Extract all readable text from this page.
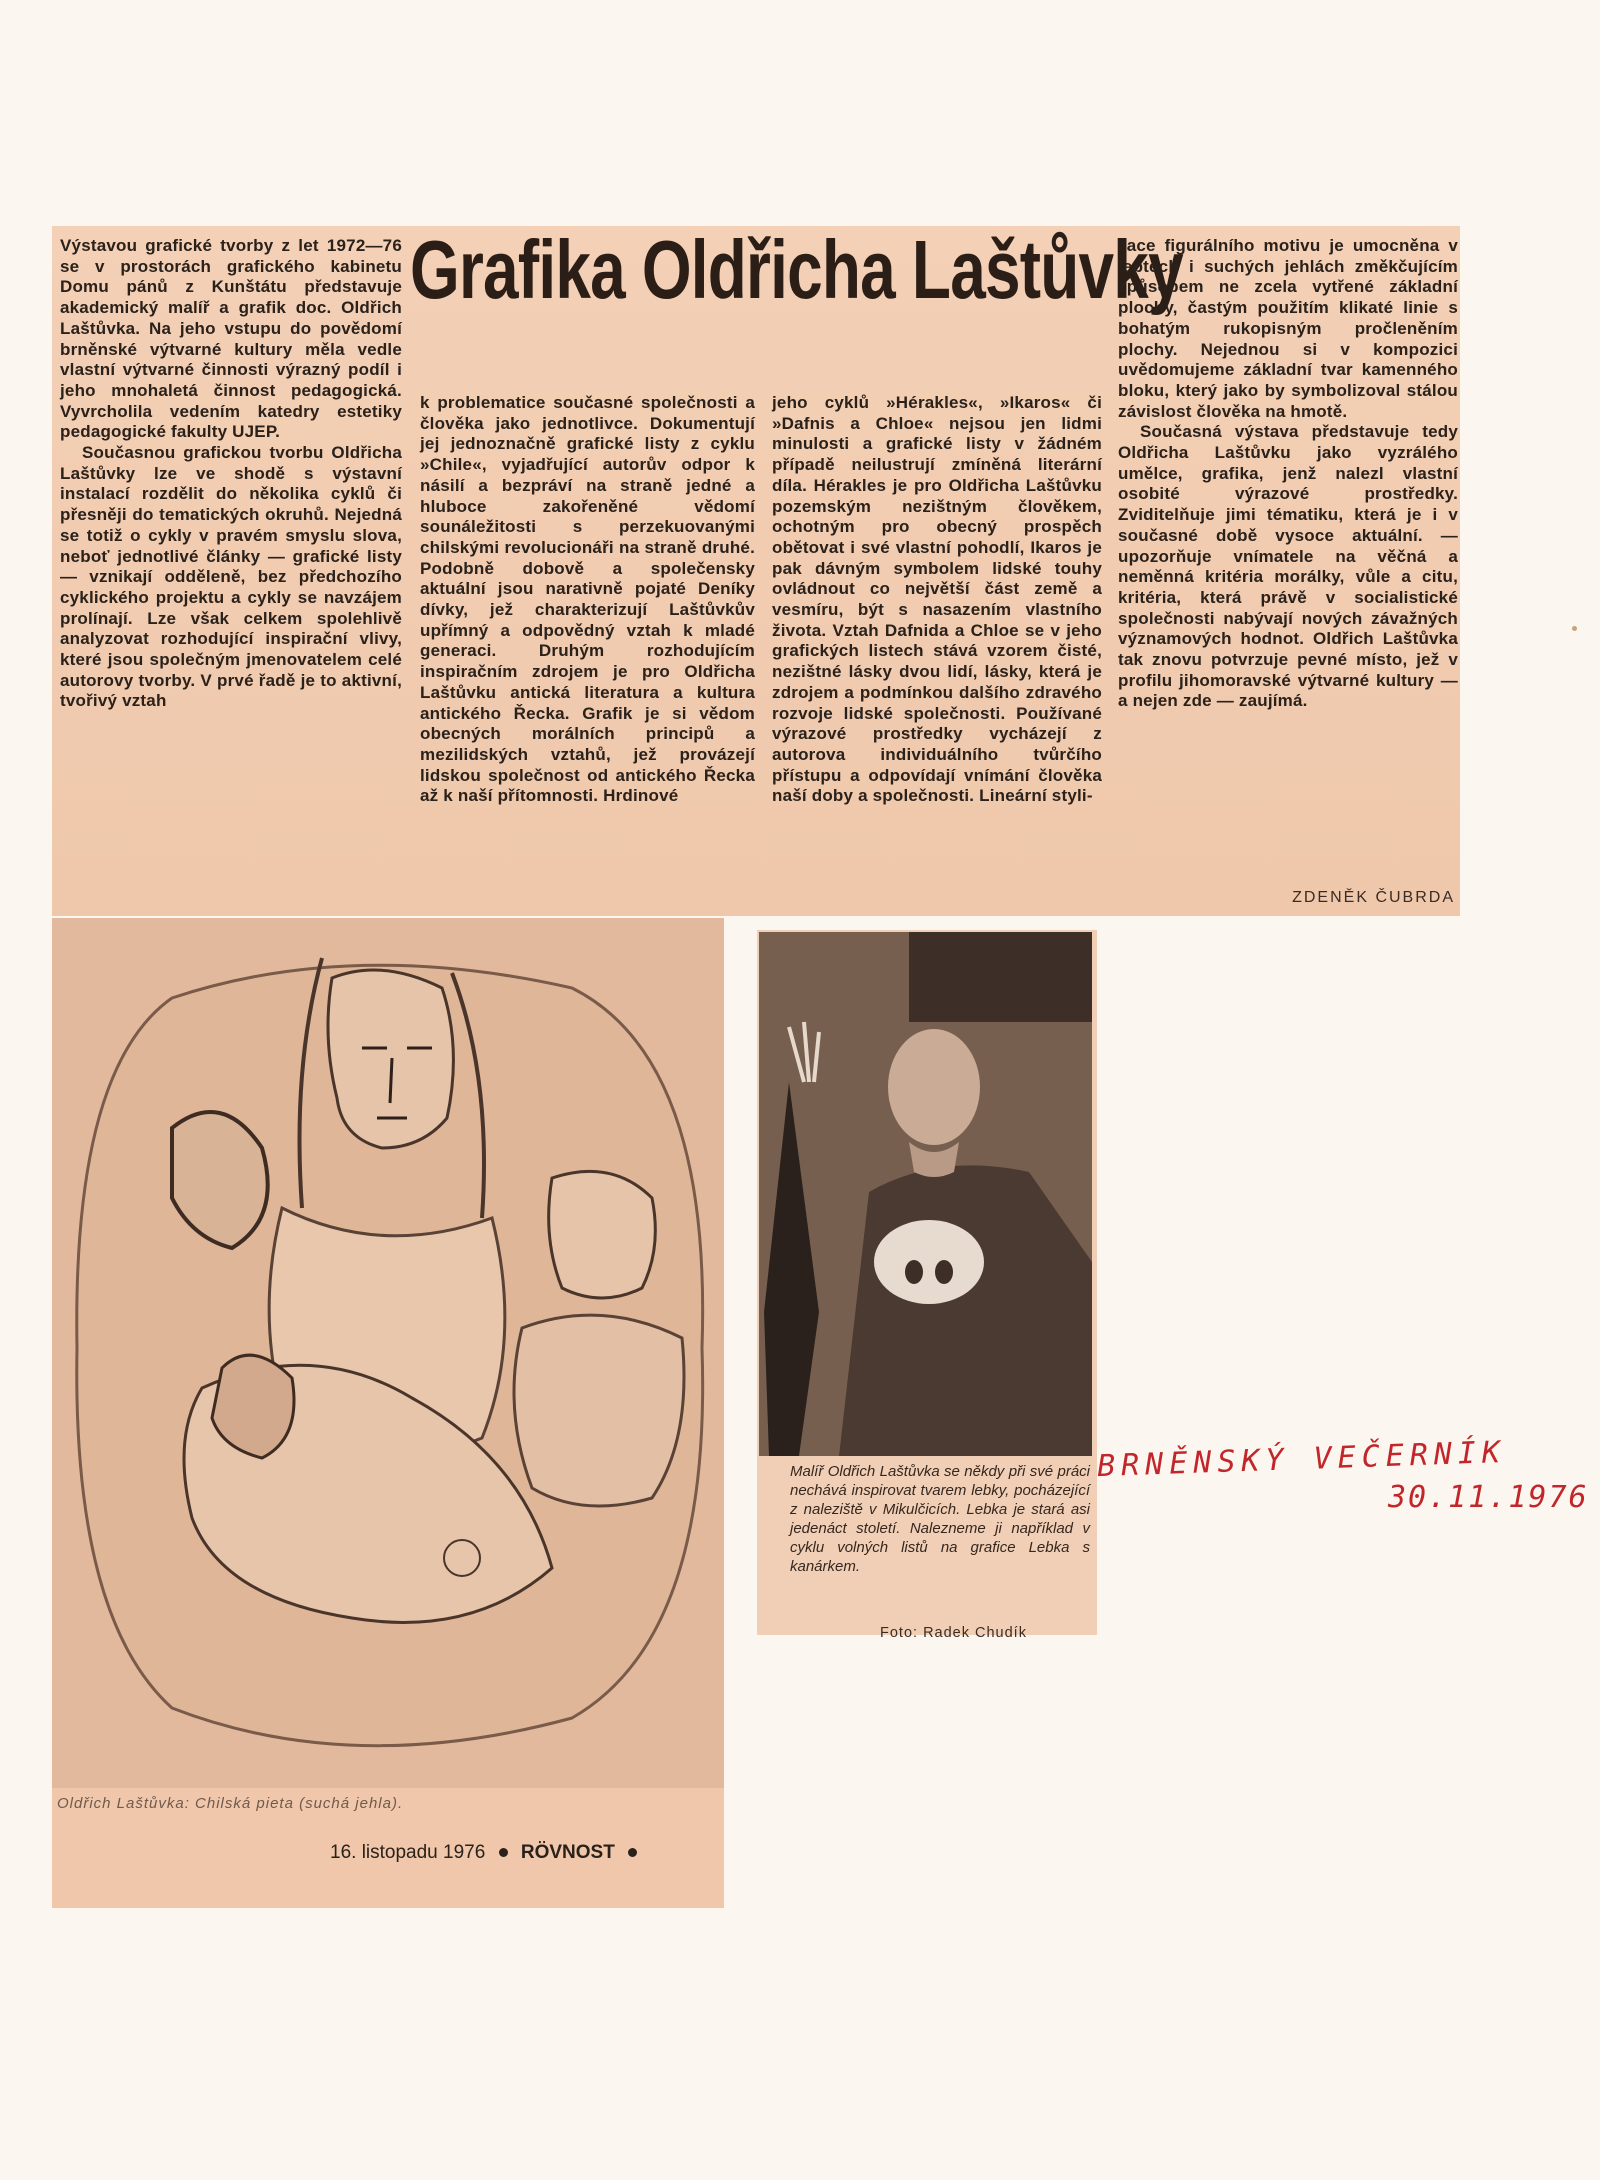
Grafika Oldřicha Laštůvky

Výstavou grafické tvorby z let 1972—76 se v prostorách grafického kabinetu Domu pánů z Kunštátu představuje akademický malíř a grafik doc. Oldřich Laštůvka. Na jeho vstupu do povědomí brněnské výtvarné kultury měla vedle vlastní výtvarné činnosti výrazný podíl i jeho mnohaletá činnost pedagogická. Vyvrcholila vedením katedry estetiky pedagogické fakulty UJEP.

Současnou grafickou tvorbu Oldřicha Laštůvky lze ve shodě s výstavní instalací rozdělit do několika cyklů či přesněji do tematických okruhů. Nejedná se totiž o cykly v pravém smyslu slova, neboť jednotlivé články — grafické listy — vznikají odděleně, bez předchozího cyklického projektu a cykly se navzájem prolínají. Lze však celkem spolehlivě analyzovat rozhodující inspirační vlivy, které jsou společným jmenovatelem celé autorovy tvorby. V prvé řadě je to aktivní, tvořivý vztah

k problematice současné společnosti a člověka jako jednotlivce. Dokumentují jej jednoznačně grafické listy z cyklu »Chile«, vyjadřující autorův odpor k násilí a bezpráví na straně jedné a hluboce zakořeněné vědomí sounáležitosti s perzekuovanými chilskými revolucionáři na straně druhé. Podobně dobově a společensky aktuální jsou narativně pojaté Deníky dívky, jež charakterizují Laštůvkův upřímný a odpovědný vztah k mladé generaci. Druhým rozhodujícím inspiračním zdrojem je pro Oldřicha Laštůvku antická literatura a kultura antického Řecka. Grafik je si vědom obecných morálních principů a mezilidských vztahů, jež provázejí lidskou společnost od antického Řecka až k naší přítomnosti. Hrdinové

jeho cyklů »Hérakles«, »Ikaros« či »Dafnis a Chloe« nejsou jen lidmi minulosti a grafické listy v žádném případě neilustrují zmíněná literární díla. Hérakles je pro Oldřicha Laštůvku pozemským nezištným člověkem, ochotným pro obecný prospěch obětovat i své vlastní pohodlí, Ikaros je pak dávným symbolem lidské touhy ovládnout co největší část země a vesmíru, být s nasazením vlastního života. Vztah Dafnida a Chloe se v jeho grafických listech stává vzorem čisté, nezištné lásky dvou lidí, lásky, která je zdrojem a podmínkou dalšího zdravého rozvoje lidské společnosti. Používané výrazové prostředky vycházejí z autorova individuálního tvůrčího přístupu a odpovídají vnímání člověka naší doby a společnosti. Lineární styli-

zace figurálního motivu je umocněna v leptech i suchých jehlách změkčujícím způsobem ne zcela vytřené základní plochy, častým použitím klikaté linie s bohatým rukopisným pročleněním plochy. Nejednou si v kompozici uvědomujeme základní tvar kamenného bloku, který jako by symbolizoval stálou závislost člověka na hmotě.

Současná výstava představuje tedy Oldřicha Laštůvku jako vyzrálého umělce, grafika, jenž nalezl vlastní osobité výrazové prostředky. Zviditelňuje jimi tématiku, která je i v současné době vysoce aktuální. — upozorňuje vnímatele na věčná a neměnná kritéria morálky, vůle a citu, kritéria, která právě v socialistické společnosti nabývají nových závažných významových hodnot. Oldřich Laštůvka tak znovu potvrzuje pevné místo, jež v profilu jihomoravské výtvarné kultury — a nejen zde — zaujímá.

ZDENĚK ČUBRDA
Oldřich Laštůvka: Chilská pieta (suchá jehla).
16. listopadu 1976 RÖVNOST
Malíř Oldřich Laštůvka se někdy při své práci nechává inspirovat tvarem lebky, pocházející z naleziště v Mikulčicích. Lebka je stará asi jedenáct století. Nalezneme ji například v cyklu volných listů na grafice Lebka s kanárkem.
Foto: Radek Chudík
BRNĚNSKÝ VEČERNÍK
30.11.1976
